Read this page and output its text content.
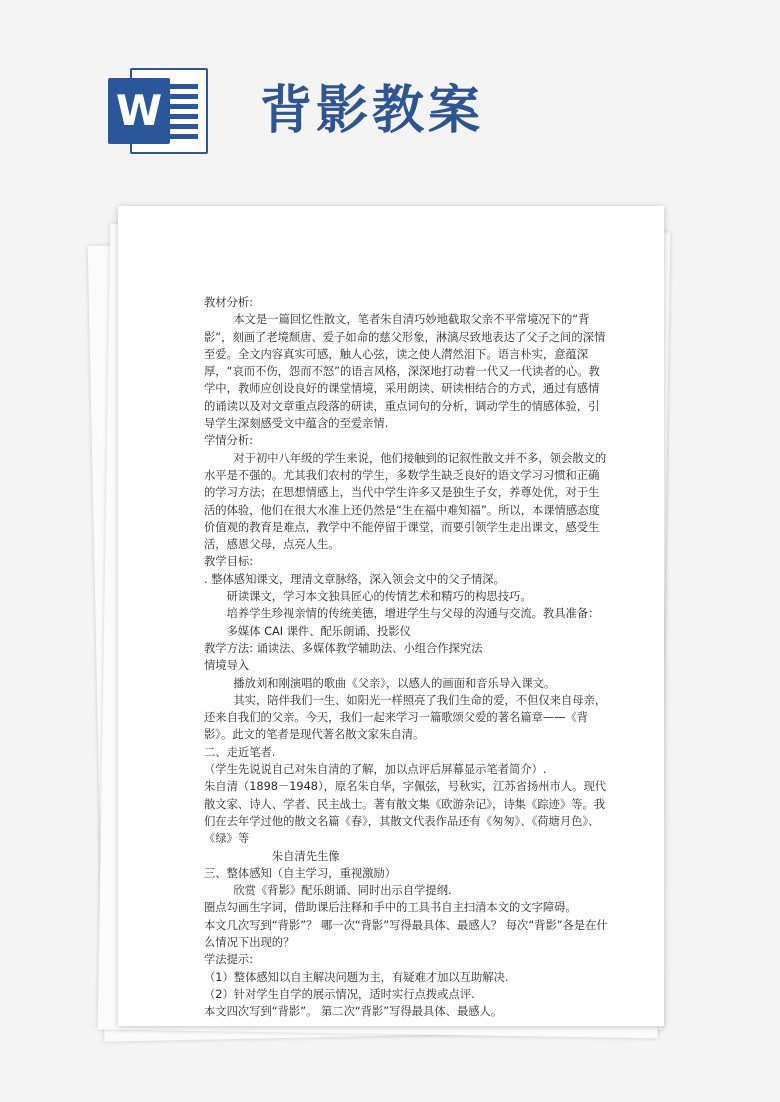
W 背影教案

教材分析:

本文是一篇回忆性散文，笔者朱自清巧妙地截取父亲不平常境况下的“背影”，刻画了老境颓唐、爱子如命的慈父形象，淋漓尽致地表达了父子之间的深情至爱。全文内容真实可感，触人心弦，读之使人潸然泪下。语言朴实，意蕴深厚，“哀而不伤，怨而不怒”的语言风格，深深地打动着一代又一代读者的心。教学中，教师应创设良好的课堂情境，采用朗读、研读相结合的方式，通过有感情的诵读以及对文章重点段落的研读，重点词句的分析，调动学生的情感体验，引导学生深刻感受文中蕴含的至爱亲情.

学情分析:

对于初中八年级的学生来说，他们接触到的记叙性散文并不多，领会散文的水平是不强的。尤其我们农村的学生，多数学生缺乏良好的语文学习习惯和正确的学习方法；在思想情感上，当代中学生许多又是独生子女，养尊处优，对于生活的体验，他们在很大水准上还仍然是“生在福中难知福”。所以，本课情感态度价值观的教育是难点，教学中不能停留于课堂，而要引领学生走出课文，感受生活，感恩父母，点亮人生。

教学目标:

. 整体感知课文，理清文章脉络，深入领会文中的父子情深。

研读课文，学习本文独具匠心的传情艺术和精巧的构思技巧。

培养学生珍视亲情的传统美德，增进学生与父母的沟通与交流。教具准备：多媒体 CAI 课件、配乐朗诵、投影仪

教学方法: 诵读法、多媒体教学辅助法、小组合作探究法

情境导入

播放刘和刚演唱的歌曲《父亲》，以感人的画面和音乐导入课文。

其实，陪伴我们一生、如阳光一样照亮了我们生命的爱，不但仅来自母亲，还来自我们的父亲。今天，我们一起来学习一篇歌颂父爱的著名篇章——《背影》。此文的笔者是现代著名散文家朱自清。

二、走近笔者.

（学生先说说自己对朱自清的了解，加以点评后屏幕显示笔者简介）.

朱自清（1898－1948），原名朱自华，字佩弦，号秋实，江苏省扬州市人。现代散文家、诗人、学者、民主战士。著有散文集《欧游杂记》，诗集《踪迹》等。我们在去年学过他的散文名篇《春》，其散文代表作品还有《匆匆》、《荷塘月色》、《绿》等

朱自清先生像

三、整体感知（自主学习，重视激励）

欣赏《背影》配乐朗诵、同时出示自学提纲.

圈点勾画生字词，借助课后注释和手中的工具书自主扫清本文的文字障碍。

本文几次写到“背影”？ 哪一次“背影”写得最具体、最感人？ 每次“背影”各是在什么情况下出现的？

学法提示:

（1）整体感知以自主解决问题为主，有疑难才加以互助解决.

（2）针对学生自学的展示情况，适时实行点拨或点评.

本文四次写到“背影”。 第二次“背影”写得最具体、最感人。
